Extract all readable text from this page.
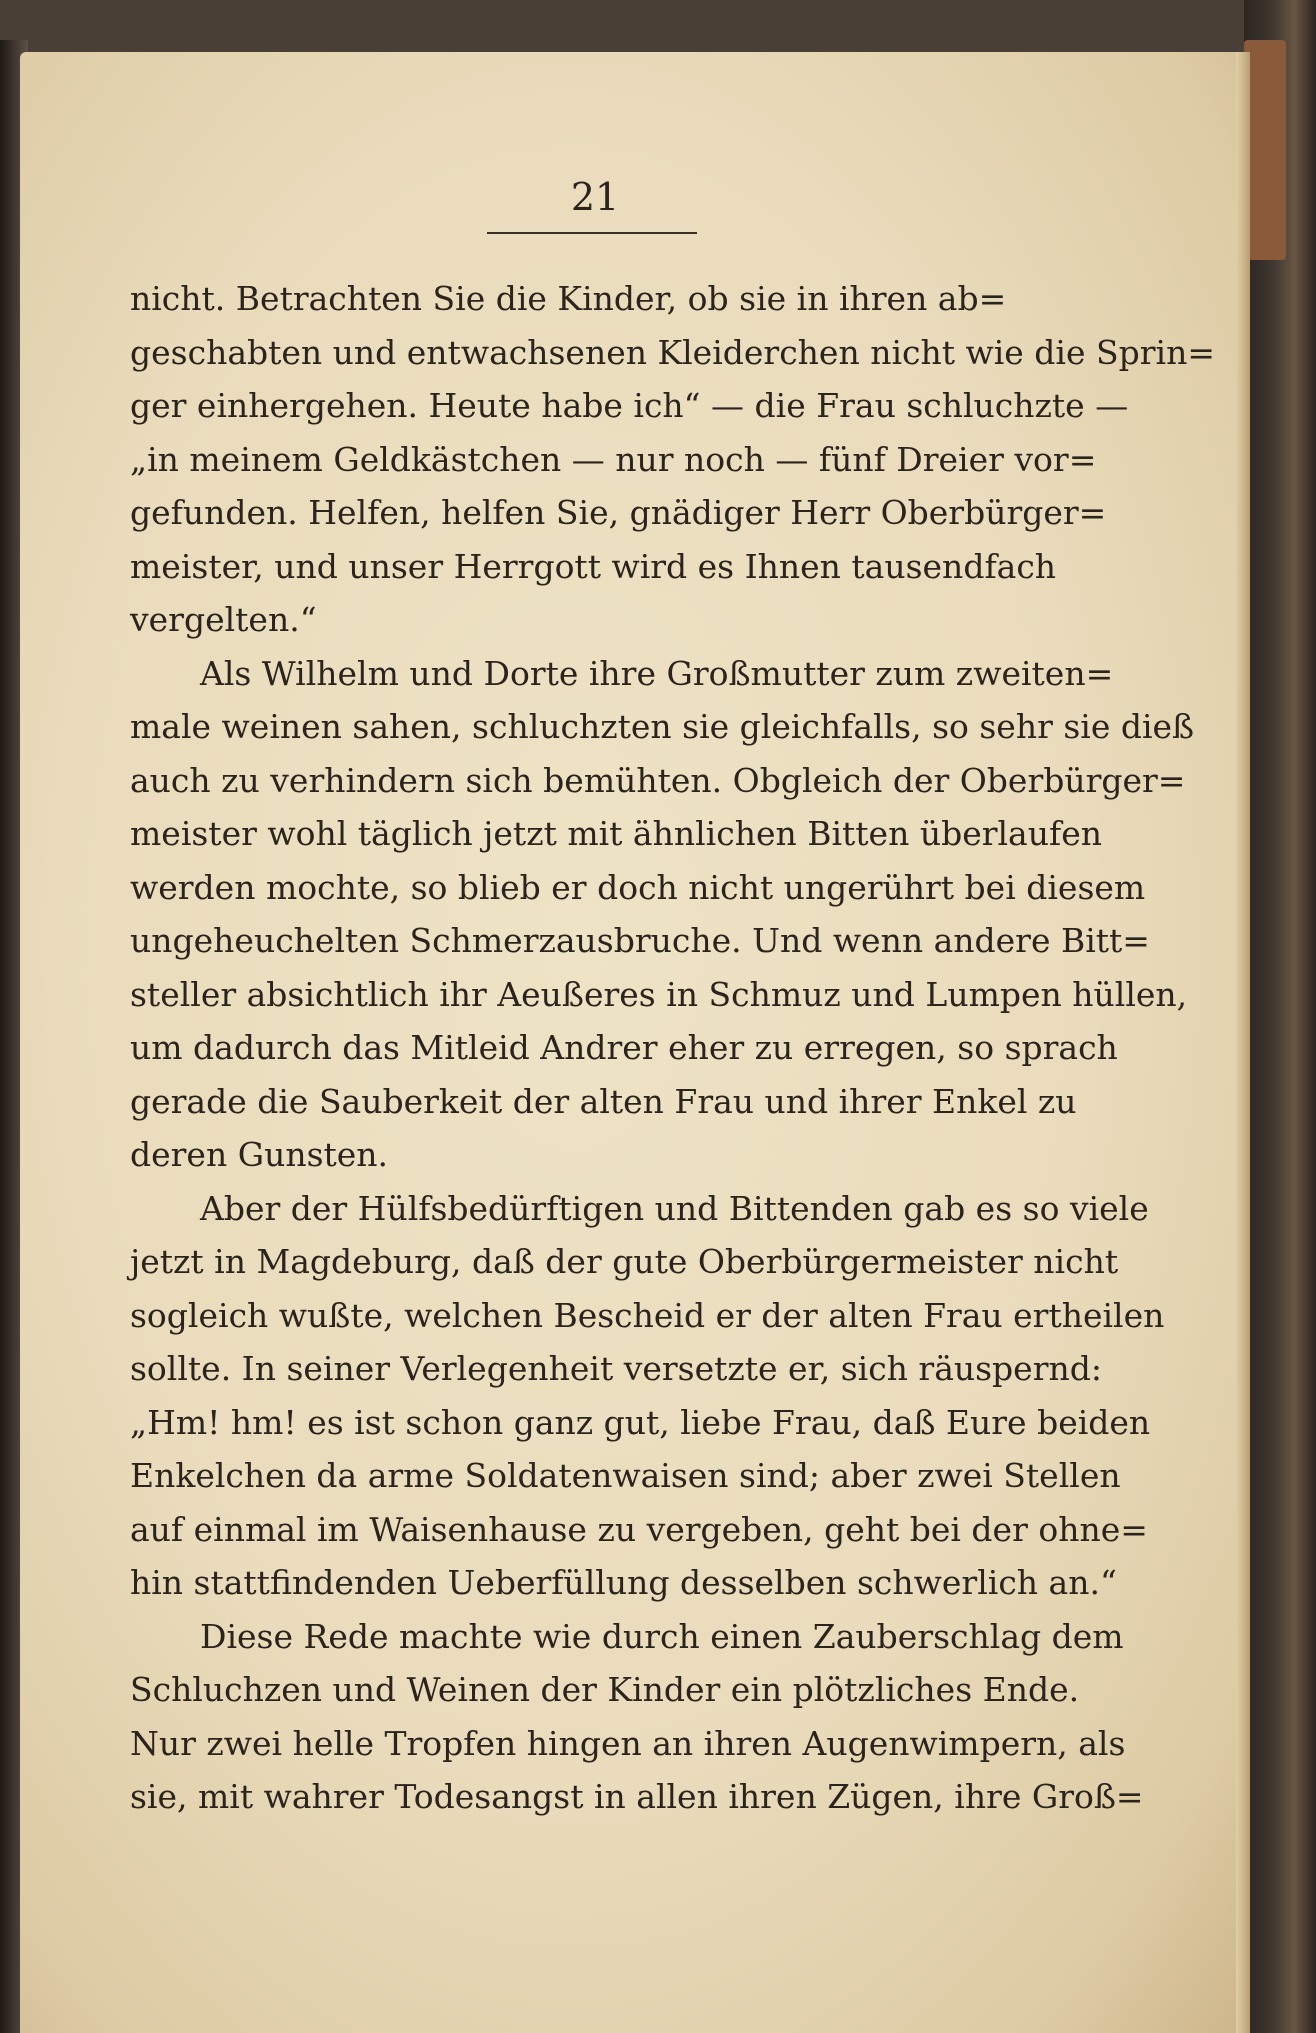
21
nicht. Betrachten Sie die Kinder, ob sie in ihren ab=
geschabten und entwachsenen Kleiderchen nicht wie die Sprin=
ger einhergehen. Heute habe ich“ — die Frau schluchzte —
„in meinem Geldkästchen — nur noch — fünf Dreier vor=
gefunden. Helfen, helfen Sie, gnädiger Herr Oberbürger=
meister, und unser Herrgott wird es Ihnen tausendfach
vergelten.“
Als Wilhelm und Dorte ihre Großmutter zum zweiten=
male weinen sahen, schluchzten sie gleichfalls, so sehr sie dieß
auch zu verhindern sich bemühten. Obgleich der Oberbürger=
meister wohl täglich jetzt mit ähnlichen Bitten überlaufen
werden mochte, so blieb er doch nicht ungerührt bei diesem
ungeheuchelten Schmerzausbruche. Und wenn andere Bitt=
steller absichtlich ihr Aeußeres in Schmuz und Lumpen hüllen,
um dadurch das Mitleid Andrer eher zu erregen, so sprach
gerade die Sauberkeit der alten Frau und ihrer Enkel zu
deren Gunsten.
Aber der Hülfsbedürftigen und Bittenden gab es so viele
jetzt in Magdeburg, daß der gute Oberbürgermeister nicht
sogleich wußte, welchen Bescheid er der alten Frau ertheilen
sollte. In seiner Verlegenheit versetzte er, sich räuspernd:
„Hm! hm! es ist schon ganz gut, liebe Frau, daß Eure beiden
Enkelchen da arme Soldatenwaisen sind; aber zwei Stellen
auf einmal im Waisenhause zu vergeben, geht bei der ohne=
hin stattfindenden Ueberfüllung desselben schwerlich an.“
Diese Rede machte wie durch einen Zauberschlag dem
Schluchzen und Weinen der Kinder ein plötzliches Ende.
Nur zwei helle Tropfen hingen an ihren Augenwimpern, als
sie, mit wahrer Todesangst in allen ihren Zügen, ihre Groß=
